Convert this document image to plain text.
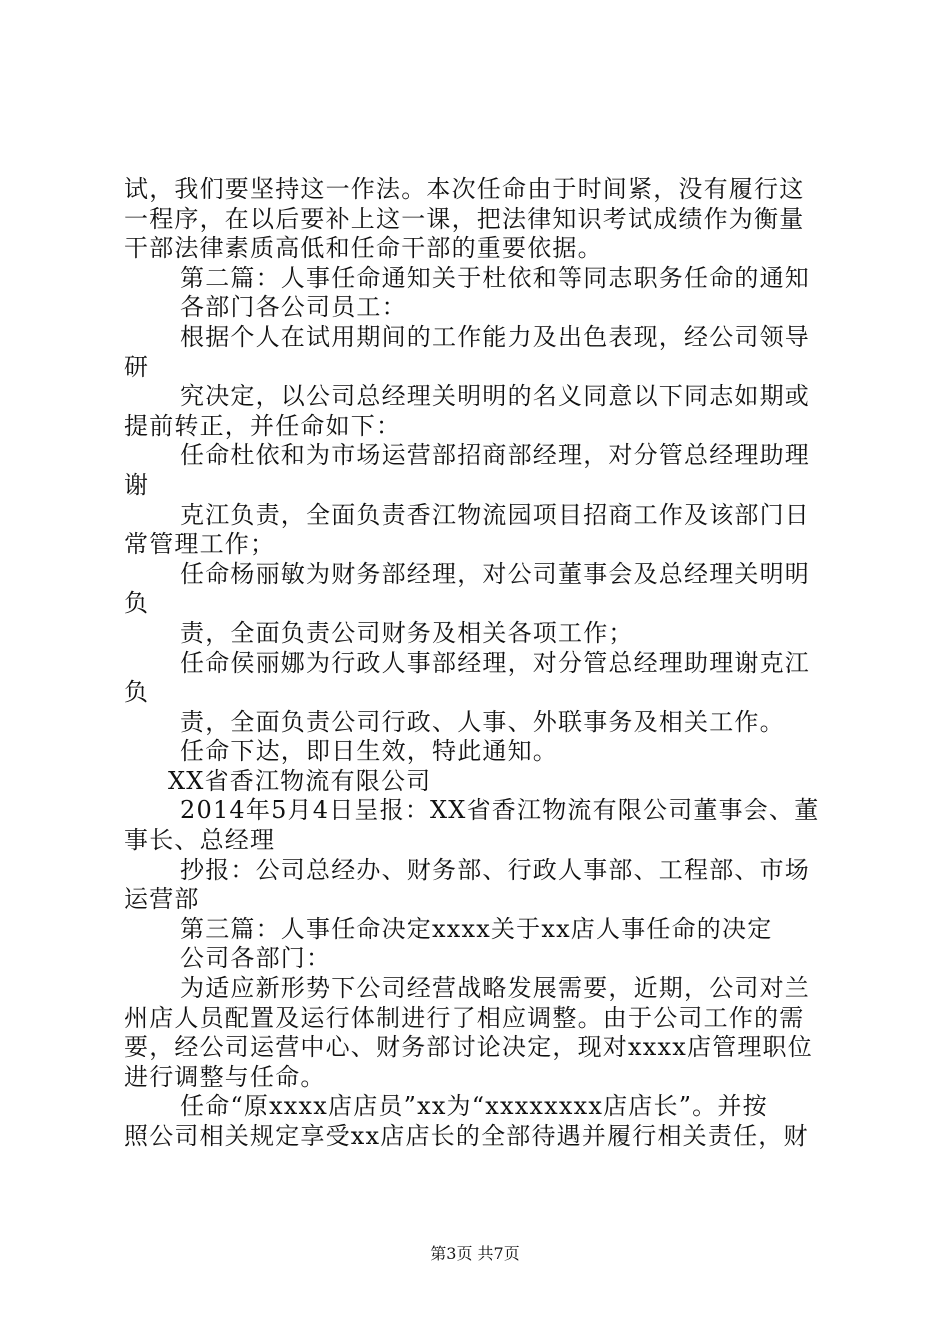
试，我们要坚持这一作法。本次任命由于时间紧，没有履行这
一程序，在以后要补上这一课，把法律知识考试成绩作为衡量
干部法律素质高低和任命干部的重要依据。
第二篇：人事任命通知关于杜依和等同志职务任命的通知
各部门各公司员工：
根据个人在试用期间的工作能力及出色表现，经公司领导
研
究决定，以公司总经理关明明的名义同意以下同志如期或
提前转正，并任命如下：
任命杜依和为市场运营部招商部经理，对分管总经理助理
谢
克江负责，全面负责香江物流园项目招商工作及该部门日
常管理工作；
任命杨丽敏为财务部经理，对公司董事会及总经理关明明
负
责，全面负责公司财务及相关各项工作；
任命侯丽娜为行政人事部经理，对分管总经理助理谢克江
负
责，全面负责公司行政、人事、外联事务及相关工作。
任命下达，即日生效，特此通知。
XX省香江物流有限公司
2014年5月4日呈报：XX省香江物流有限公司董事会、董
事长、总经理
抄报：公司总经办、财务部、行政人事部、工程部、市场
运营部
第三篇：人事任命决定xxxx关于xx店人事任命的决定
公司各部门：
为适应新形势下公司经营战略发展需要，近期，公司对兰
州店人员配置及运行体制进行了相应调整。由于公司工作的需
要，经公司运营中心、财务部讨论决定，现对xxxx店管理职位
进行调整与任命。
任命“原xxxx店店员”xx为“xxxxxxxx店店长”。并按
照公司相关规定享受xx店店长的全部待遇并履行相关责任，财
第3页 共7页
